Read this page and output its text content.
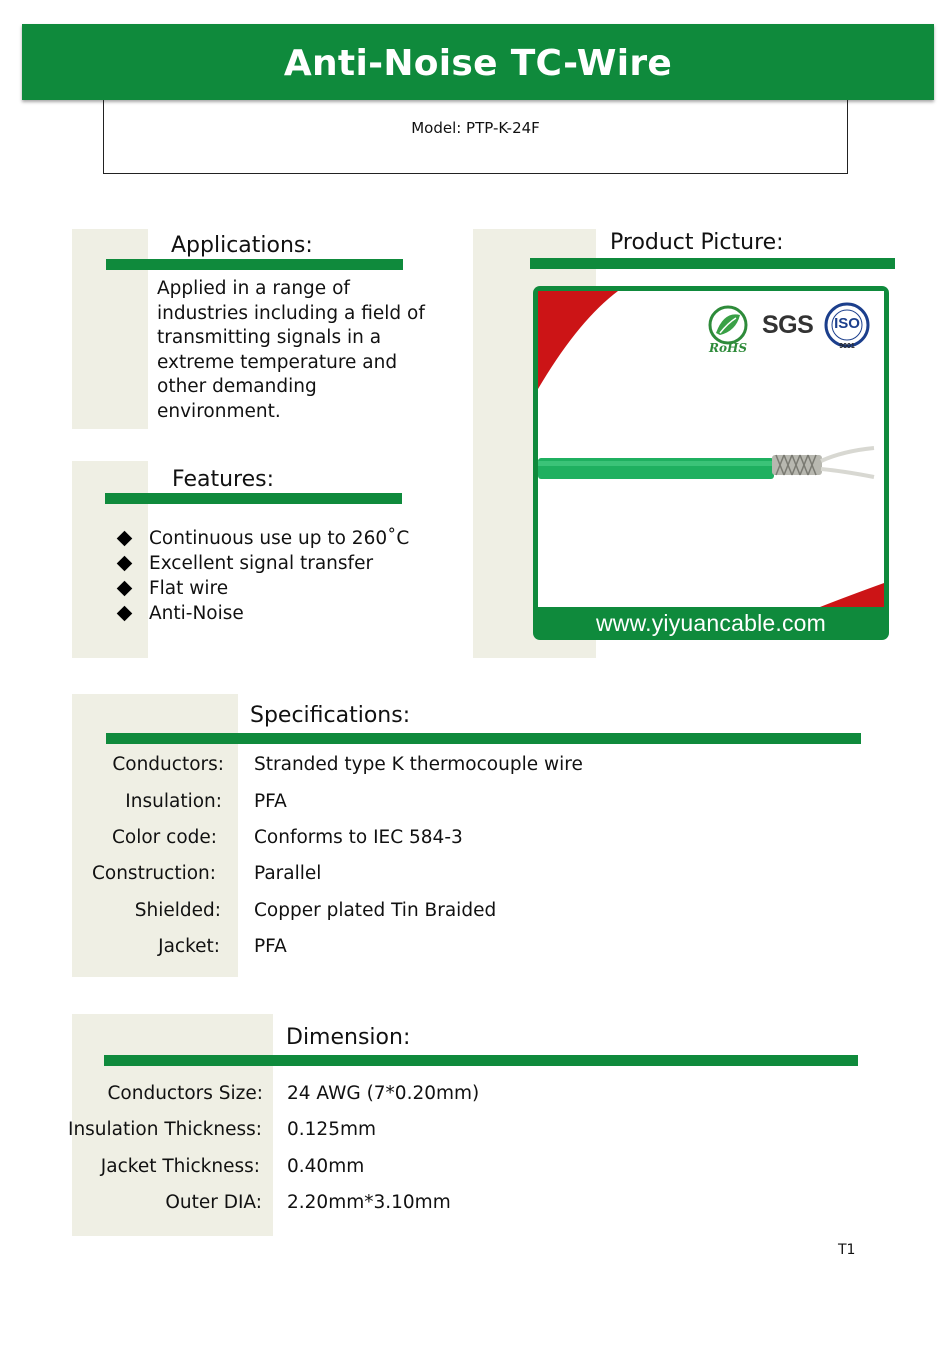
Anti-Noise TC-Wire
Model: PTP-K-24F
Applications:
Applied in a range of
industries including a field of
transmitting signals in a
extreme temperature and
other demanding
environment.
Features:
Continuous use up to 260˚C
Excellent signal transfer
Flat wire
Anti-Noise
Product Picture:
RoHS
SGS	ISO
9001
www.yiyuancable.com
Specifications:
Conductors: Stranded type K thermocouple wire
Insulation: PFA
Color code: Conforms to IEC 584-3
Construction: Parallel
Shielded: Copper plated Tin Braided
Jacket: PFA
Dimension:
Conductors Size: 24 AWG (7*0.20mm)
Insulation Thickness: 0.125mm
Jacket Thickness: 0.40mm
Outer DIA: 2.20mm*3.10mm
T1
